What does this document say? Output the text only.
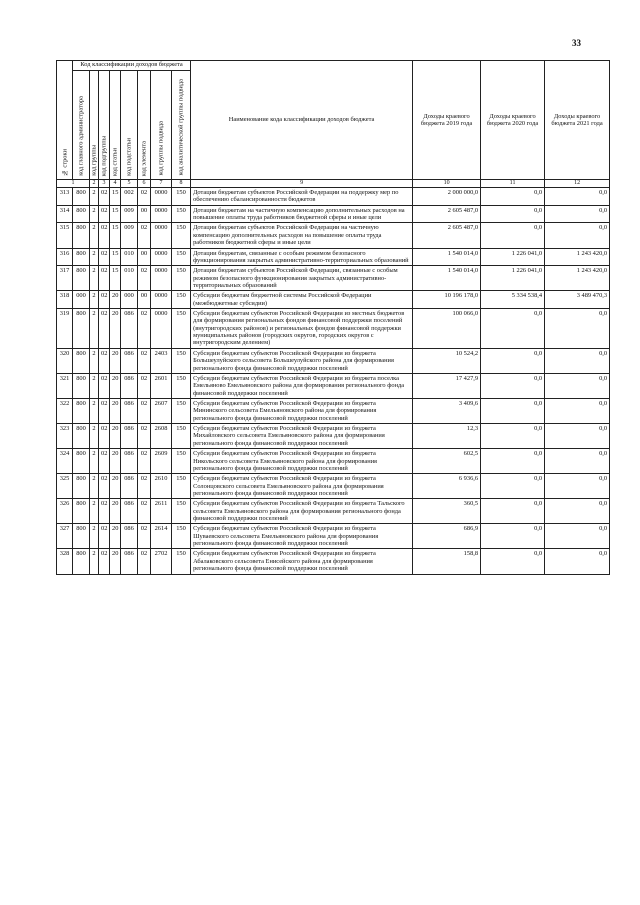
33
№ строки	Код классификации доходов бюджета								Наименование кода классификации доходов бюджета	Доходы краевого бюджета 2019 года	Доходы краевого бюджета 2020 года	Доходы краевого бюджета 2021 года

	код главного администратора	код группы	код подгруппы	код статьи	код подстатьи	код элемента	код группы подвида	код аналитической группы подвида				

1		2	3	4	5	6	7	8	9	10	11	12
313	800	2	02	15	002	02	0000	150	Дотации бюджетам субъектов Российской Федерации на поддержку мер по обеспечению сбалансированности бюджетов	2 000 000,0	0,0	0,0
314	800	2	02	15	009	00	0000	150	Дотации бюджетам на частичную компенсацию дополнительных расходов на повышение оплаты труда работников бюджетной сферы и иные цели	2 605 487,0	0,0	0,0
315	800	2	02	15	009	02	0000	150	Дотации бюджетам субъектов Российской Федерации на частичную компенсацию дополнительных расходов на повышение оплаты труда работников бюджетной сферы и иные цели	2 605 487,0	0,0	0,0
316	800	2	02	15	010	00	0000	150	Дотации бюджетам, связанные с особым режимом безопасного функционирования закрытых административно-территориальных образований	1 540 014,0	1 226 041,0	1 243 420,0
317	800	2	02	15	010	02	0000	150	Дотации бюджетам субъектов Российской Федерации, связанные с особым режимом безопасного функционирования закрытых административно-территориальных образований	1 540 014,0	1 226 041,0	1 243 420,0
318	000	2	02	20	000	00	0000	150	Субсидии бюджетам бюджетной системы Российской Федерации (межбюджетные субсидии)	10 196 178,0	5 334 538,4	3 489 470,3
319	800	2	02	20	086	02	0000	150	Субсидии бюджетам субъектов Российской Федерации из местных бюджетов для формирования региональных фондов финансовой поддержки поселений (внутригородских районов) и региональных фондов финансовой поддержки муниципальных районов (городских округов, городских округов с внутригородским делением)	100 066,0	0,0	0,0
320	800	2	02	20	086	02	2403	150	Субсидии бюджетам субъектов Российской Федерации из бюджета Большеулуйского сельсовета Большеулуйского района для формирования регионального фонда финансовой поддержки поселений	10 524,2	0,0	0,0
321	800	2	02	20	086	02	2601	150	Субсидии бюджетам субъектов Российской Федерации из бюджета поселка Емельяново Емельяновского района для формирования регионального фонда финансовой поддержки поселений	17 427,9	0,0	0,0
322	800	2	02	20	086	02	2607	150	Субсидии бюджетам субъектов Российской Федерации из бюджета Мининского сельсовета Емельяновского района для формирования регионального фонда финансовой поддержки поселений	3 409,6	0,0	0,0
323	800	2	02	20	086	02	2608	150	Субсидии бюджетам субъектов Российской Федерации из бюджета Михайловского сельсовета Емельяновского района для формирования регионального фонда финансовой поддержки поселений	12,3	0,0	0,0
324	800	2	02	20	086	02	2609	150	Субсидии бюджетам субъектов Российской Федерации из бюджета Никольского сельсовета Емельяновского района для формирования регионального фонда финансовой поддержки поселений	602,5	0,0	0,0
325	800	2	02	20	086	02	2610	150	Субсидии бюджетам субъектов Российской Федерации из бюджета Солонцовского сельсовета Емельяновского района для формирования регионального фонда финансовой поддержки поселений	6 936,6	0,0	0,0
326	800	2	02	20	086	02	2611	150	Субсидии бюджетам субъектов Российской Федерации из бюджета Тальского сельсовета Емельяновского района для формирования регионального фонда финансовой поддержки поселений	360,5	0,0	0,0
327	800	2	02	20	086	02	2614	150	Субсидии бюджетам субъектов Российской Федерации из бюджета Шуваевского сельсовета Емельяновского района для формирования регионального фонда финансовой поддержки поселений	686,9	0,0	0,0
328	800	2	02	20	086	02	2702	150	Субсидии бюджетам субъектов Российской Федерации из бюджета Абалаковского сельсовета Енисейского района для формирования регионального фонда финансовой поддержки поселений	158,8	0,0	0,0
